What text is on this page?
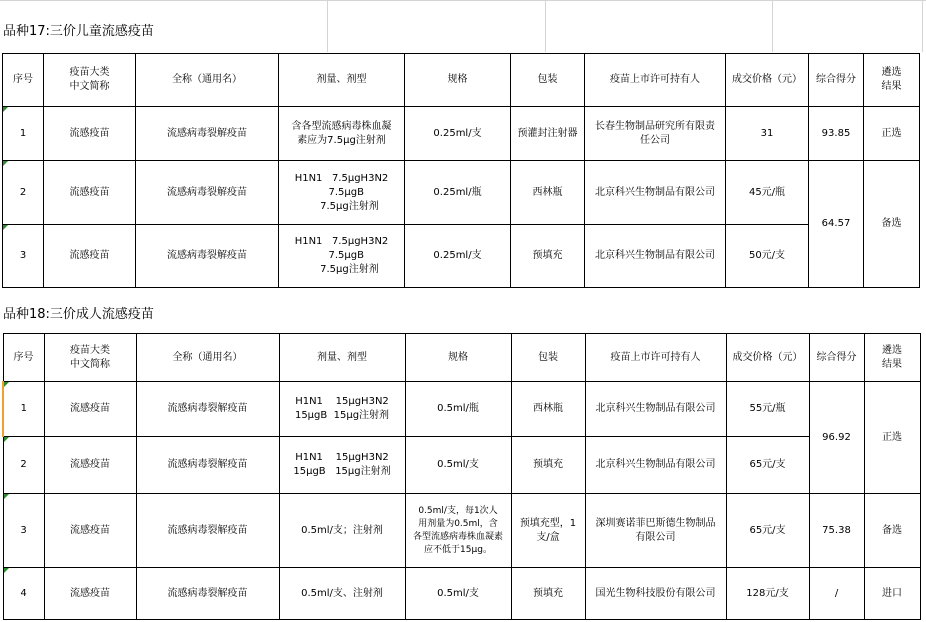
品种17:三价儿童流感疫苗
序号	疫苗大类
中文简称	全称（通用名）	剂量、剂型	规格	包装	疫苗上市许可持有人	成交价格（元）	综合得分	遴选
结果
1	流感疫苗	流感病毒裂解疫苗	含各型流感病毒株血凝
素应为7.5μg注射剂	0.25ml/支	预灌封注射器	长春生物制品研究所有限责
任公司	31	93.85	正选
2	流感疫苗	流感病毒裂解疫苗	H1N1   7.5μgH3N2
7.5μgB
7.5μg注射剂	0.25ml/瓶	西林瓶	北京科兴生物制品有限公司	45元/瓶	64.57	备选
3	流感疫苗	流感病毒裂解疫苗	H1N1   7.5μgH3N2
7.5μgB
7.5μg注射剂	0.25ml/支	预填充	北京科兴生物制品有限公司	50元/支		
品种18:三价成人流感疫苗
序号	疫苗大类
中文简称	全称（通用名）	剂量、剂型	规格	包装	疫苗上市许可持有人	成交价格（元）	综合得分	遴选
结果
1	流感疫苗	流感病毒裂解疫苗	H1N1    15μgH3N2
15μgB  15μg注射剂	0.5ml/瓶	西林瓶	北京科兴生物制品有限公司	55元/瓶	96.92	正选
2	流感疫苗	流感病毒裂解疫苗	H1N1    15μgH3N2
15μgB   15μg注射剂	0.5ml/支	预填充	北京科兴生物制品有限公司	65元/支		
3	流感疫苗	流感病毒裂解疫苗	0.5ml/支；注射剂	0.5ml/支，每1次人
用剂量为0.5ml，含
各型流感病毒株血凝素
应不低于15μg。	预填充型，1
支/盒	深圳赛诺菲巴斯德生物制品
有限公司	65元/支	75.38	备选
4	流感疫苗	流感病毒裂解疫苗	0.5ml/支、注射剂	0.5ml/支	预填充	国光生物科技股份有限公司	128元/支	/	进口
